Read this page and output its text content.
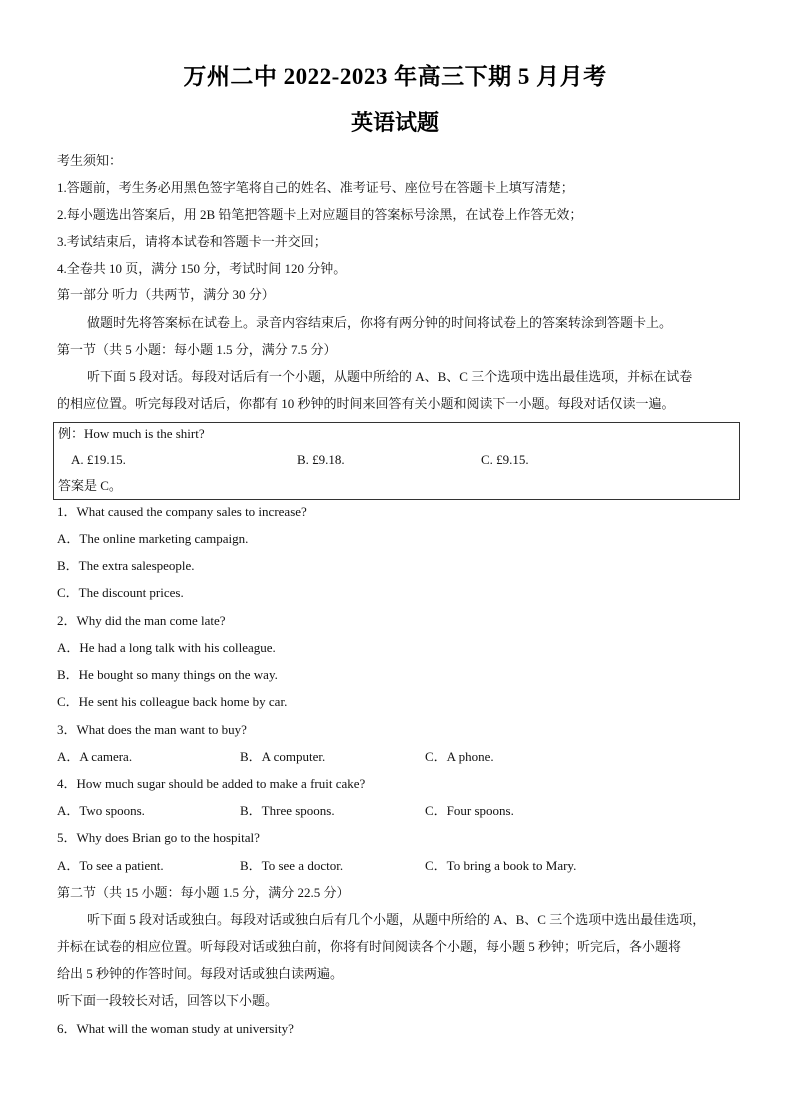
万州二中 2022-2023 年高三下期 5 月月考
英语试题
考生须知：
1.答题前，考生务必用黑色签字笔将自己的姓名、准考证号、座位号在答题卡上填写清楚；
2.每小题选出答案后，用 2B 铅笔把答题卡上对应题目的答案标号涂黑，在试卷上作答无效；
3.考试结束后，请将本试卷和答题卡一并交回；
4.全卷共 10 页，满分 150 分，考试时间 120 分钟。
第一部分 听力（共两节，满分 30 分）
做题时先将答案标在试卷上。录音内容结束后，你将有两分钟的时间将试卷上的答案转涂到答题卡上。
第一节（共 5 小题：每小题 1.5 分，满分 7.5 分）
听下面 5 段对话。每段对话后有一个小题，从题中所给的 A、B、C 三个选项中选出最佳选项，并标在试卷
的相应位置。听完每段对话后，你都有 10 秒钟的时间来回答有关小题和阅读下一小题。每段对话仅读一遍。
例：How much is the shirt?
A. £19.15.	B. £9.18.	C. £9.15.
答案是 C。
1．What caused the company sales to increase?
A．The online marketing campaign.
B．The extra salespeople.
C．The discount prices.
2．Why did the man come late?
A．He had a long talk with his colleague.
B．He bought so many things on the way.
C．He sent his colleague back home by car.
3．What does the man want to buy?
A．A camera.	B．A computer.	C．A phone.
4．How much sugar should be added to make a fruit cake?
A．Two spoons.	B．Three spoons.	C．Four spoons.
5．Why does Brian go to the hospital?
A．To see a patient.	B．To see a doctor.	C．To bring a book to Mary.
第二节（共 15 小题：每小题 1.5 分，满分 22.5 分）
听下面 5 段对话或独白。每段对话或独白后有几个小题，从题中所给的 A、B、C 三个选项中选出最佳选项，
并标在试卷的相应位置。听每段对话或独白前，你将有时间阅读各个小题，每小题 5 秒钟；听完后，各小题将
给出 5 秒钟的作答时间。每段对话或独白读两遍。
听下面一段较长对话，回答以下小题。
6．What will the woman study at university?
